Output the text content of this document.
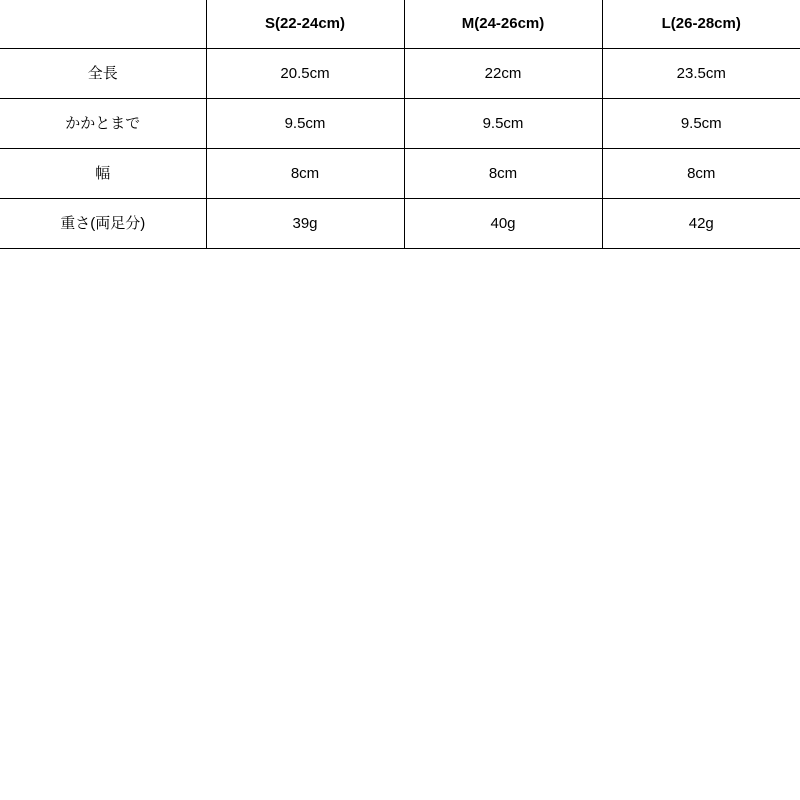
	S(22-24cm)	M(24-26cm)	L(26-28cm)
全長	20.5cm	22cm	23.5cm
かかとまで	9.5cm	9.5cm	9.5cm
幅	8cm	8cm	8cm
重さ(両足分)	39g	40g	42g
